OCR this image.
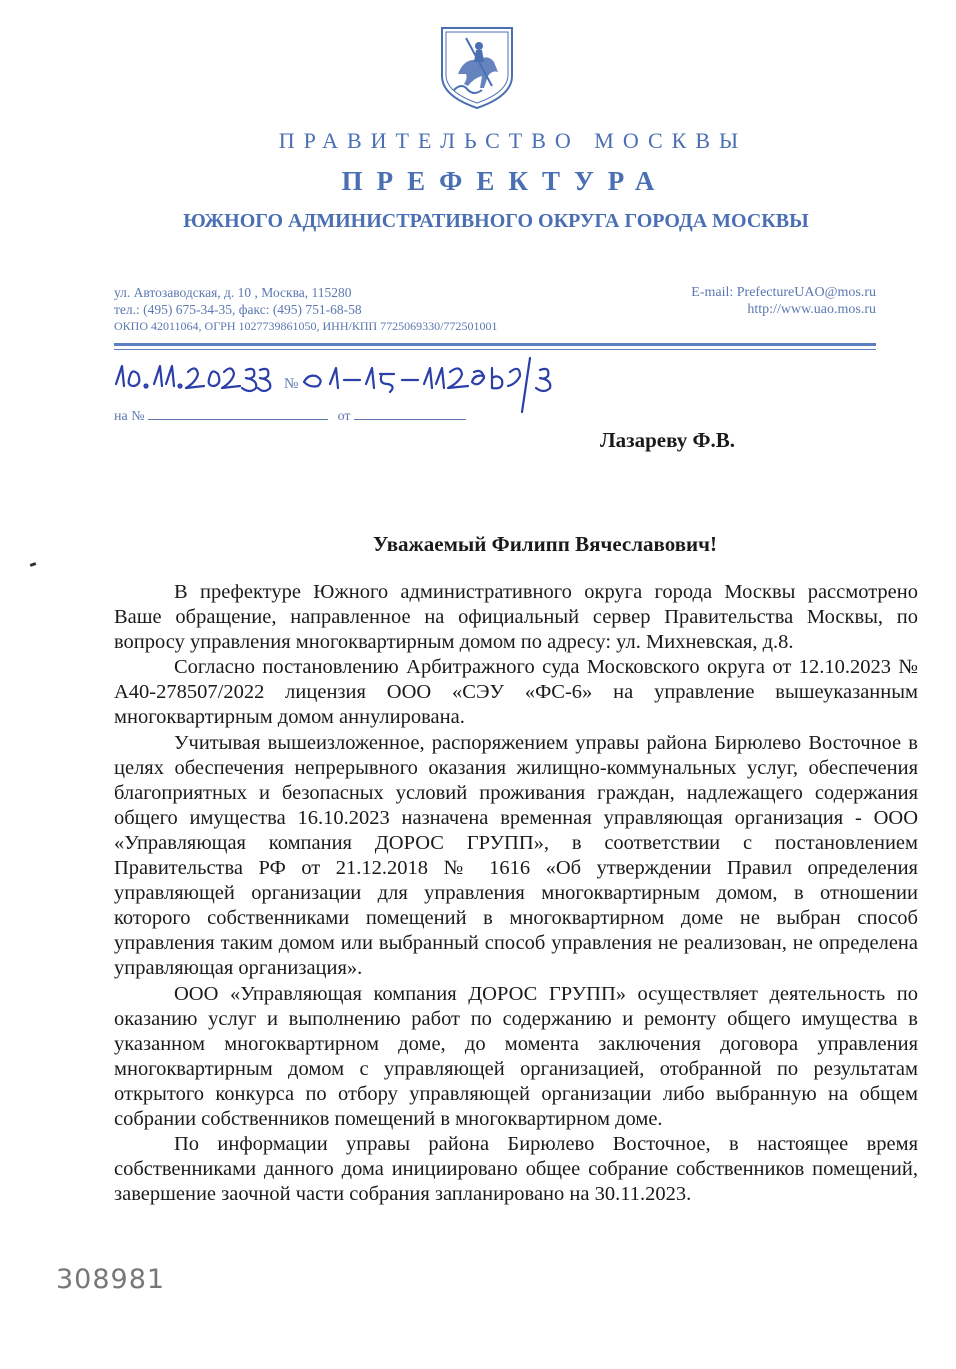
ПРАВИТЕЛЬСТВО МОСКВЫ
ПРЕФЕКТУРА
ЮЖНОГО АДМИНИСТРАТИВНОГО ОКРУГА ГОРОДА МОСКВЫ
ул. Автозаводская, д. 10 , Москва, 115280
тел.: (495) 675-34-35, факс: (495) 751-68-58
ОКПО 42011064, ОГРН 1027739861050, ИНН/КПП 7725069330/772501001
E-mail: PrefectureUAO@mos.ru
http://www.uao.mos.ru
№
на №	от
Лазареву Ф.В.
Уважаемый Филипп Вячеславович!

В префектуре Южного административного округа города Москвы рассмотрено Ваше обращение, направленное на официальный сервер Правительства Москвы, по вопросу управления многоквартирным домом по адресу: ул. Михневская, д.8.

Согласно постановлению Арбитражного суда Московского округа от 12.10.2023 № А40-278507/2022 лицензия ООО «СЭУ «ФС-6» на управление вышеуказанным многоквартирным домом аннулирована.

Учитывая вышеизложенное, распоряжением управы района Бирюлево Восточное в целях обеспечения непрерывного оказания жилищно-коммунальных услуг, обеспечения благоприятных и безопасных условий проживания граждан, надлежащего содержания общего имущества 16.10.2023 назначена временная управляющая организация - ООО «Управляющая компания ДОРОС ГРУПП», в соответствии с постановлением Правительства РФ от 21.12.2018 № 1616 «Об утверждении Правил определения управляющей организации для управления многоквартирным домом, в отношении которого собственниками помещений в многоквартирном доме не выбран способ управления таким домом или выбранный способ управления не реализован, не определена управляющая организация».

ООО «Управляющая компания ДОРОС ГРУПП» осуществляет деятельность по оказанию услуг и выполнению работ по содержанию и ремонту общего имущества в указанном многоквартирном доме, до момента заключения договора управления многоквартирным домом с управляющей организацией, отобранной по результатам открытого конкурса по отбору управляющей организации либо выбранную на общем собрании собственников помещений в многоквартирном доме.

По информации управы района Бирюлево Восточное, в настоящее время собственниками данного дома инициировано общее собрание собственников помещений, завершение заочной части собрания запланировано на 30.11.2023.

308981
